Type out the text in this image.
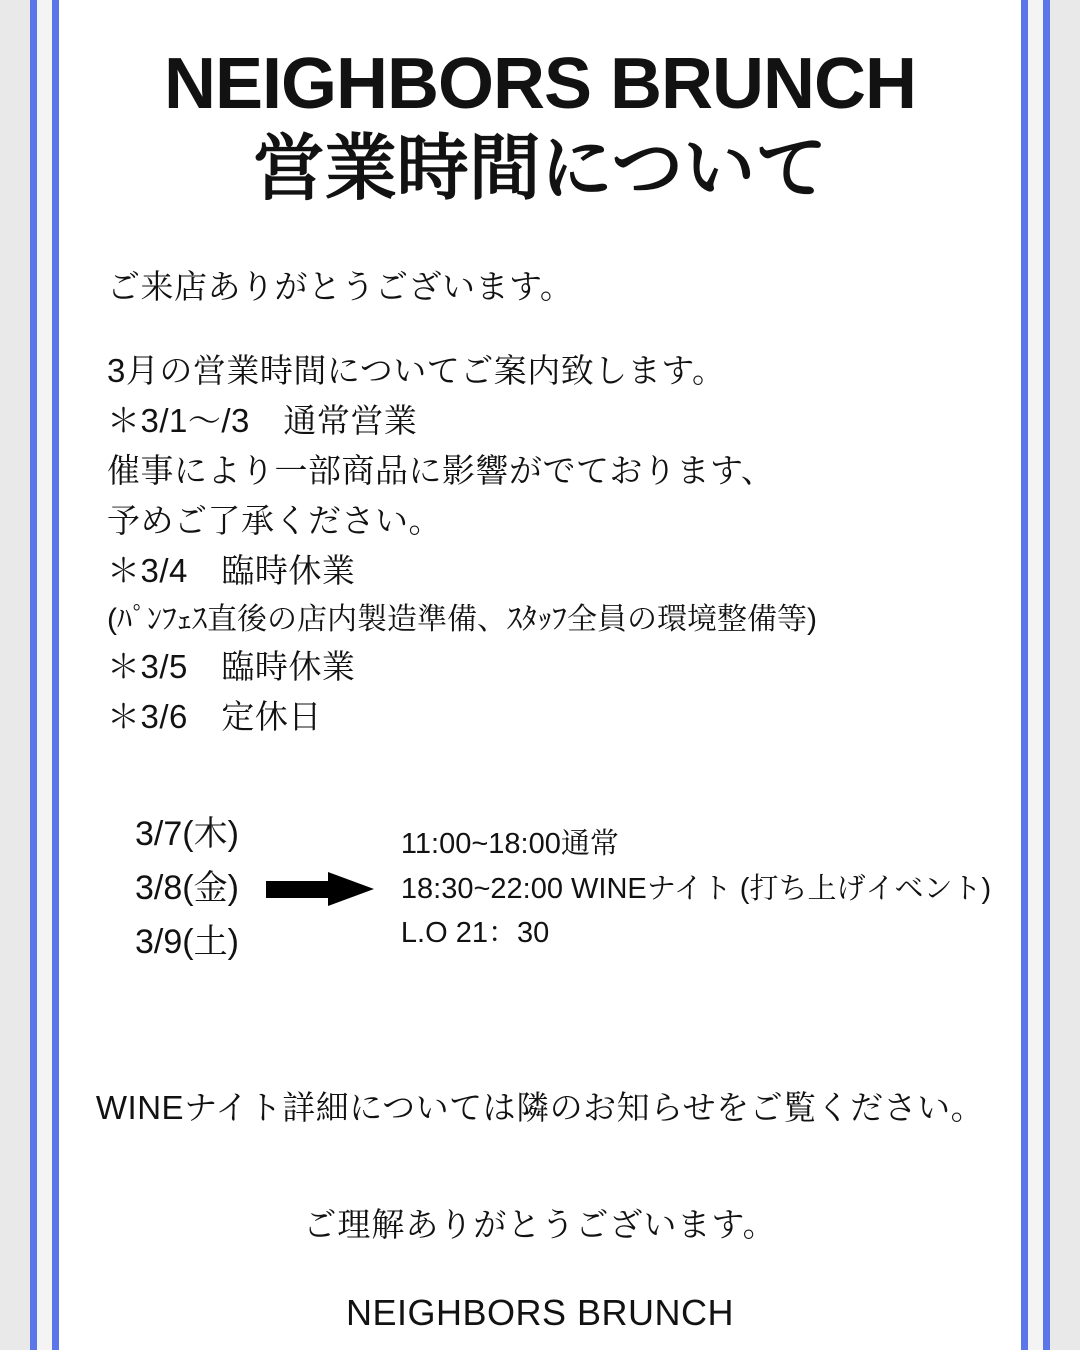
NEIGHBORS BRUNCH
営業時間について
ご来店ありがとうございます。
3月の営業時間についてご案内致します。
＊3/1～/3　通常営業
催事により一部商品に影響がでております、
予めご了承ください。
＊3/4　臨時休業
(ﾊﾟﾝﾌｪｽ直後の店内製造準備、ｽﾀｯﾌ全員の環境整備等)
＊3/5　臨時休業
＊3/6　定休日
3/7(木)
3/8(金)
3/9(土)
11:00~18:00通常
18:30~22:00 WINEナイト (打ち上げイベント)
L.O 21：30
WINEナイト詳細については隣のお知らせをご覧ください。
ご理解ありがとうございます。
NEIGHBORS BRUNCH
